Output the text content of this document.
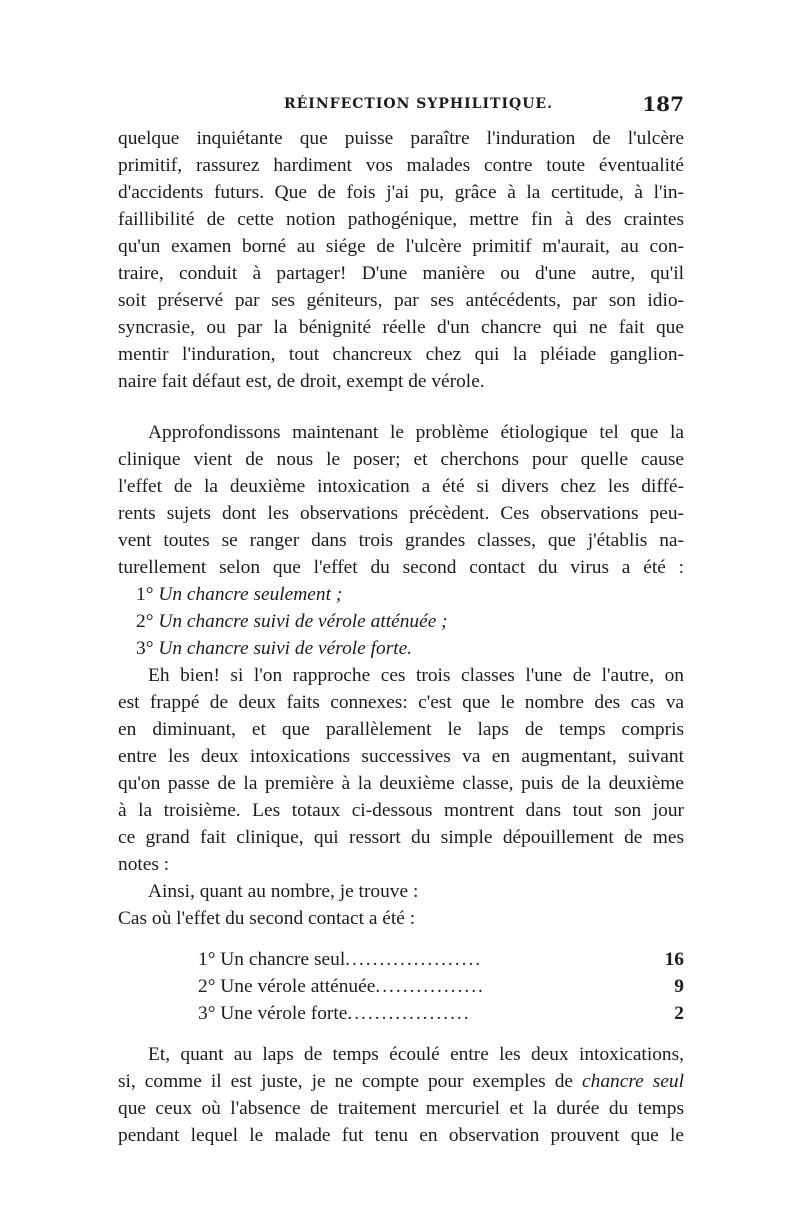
RÉINFECTION SYPHILITIQUE.	187
quelque inquiétante que puisse paraître l'induration de l'ulcère
primitif, rassurez hardiment vos malades contre toute éventualité
d'accidents futurs. Que de fois j'ai pu, grâce à la certitude, à l'in-
faillibilité de cette notion pathogénique, mettre fin à des craintes
qu'un examen borné au siége de l'ulcère primitif m'aurait, au con-
traire, conduit à partager! D'une manière ou d'une autre, qu'il
soit préservé par ses géniteurs, par ses antécédents, par son idio-
syncrasie, ou par la bénignité réelle d'un chancre qui ne fait que
mentir l'induration, tout chancreux chez qui la pléiade ganglion-
naire fait défaut est, de droit, exempt de vérole.
Approfondissons maintenant le problème étiologique tel que la
clinique vient de nous le poser; et cherchons pour quelle cause
l'effet de la deuxième intoxication a été si divers chez les diffé-
rents sujets dont les observations précèdent. Ces observations peu-
vent toutes se ranger dans trois grandes classes, que j'établis na-
turellement selon que l'effet du second contact du virus a été :
1° Un chancre seulement ;
2° Un chancre suivi de vérole atténuée ;
3° Un chancre suivi de vérole forte.
Eh bien! si l'on rapproche ces trois classes l'une de l'autre, on
est frappé de deux faits connexes: c'est que le nombre des cas va
en diminuant, et que parallèlement le laps de temps compris
entre les deux intoxications successives va en augmentant, suivant
qu'on passe de la première à la deuxième classe, puis de la deuxième
à la troisième. Les totaux ci-dessous montrent dans tout son jour
ce grand fait clinique, qui ressort du simple dépouillement de mes
notes :
Ainsi, quant au nombre, je trouve :
Cas où l'effet du second contact a été :
1° Un chancre seul ....................	16
2° Une vérole atténuée ................	9
3° Une vérole forte ..................	2
Et, quant au laps de temps écoulé entre les deux intoxications,
si, comme il est juste, je ne compte pour exemples de chancre seul
que ceux où l'absence de traitement mercuriel et la durée du temps
pendant lequel le malade fut tenu en observation prouvent que le
